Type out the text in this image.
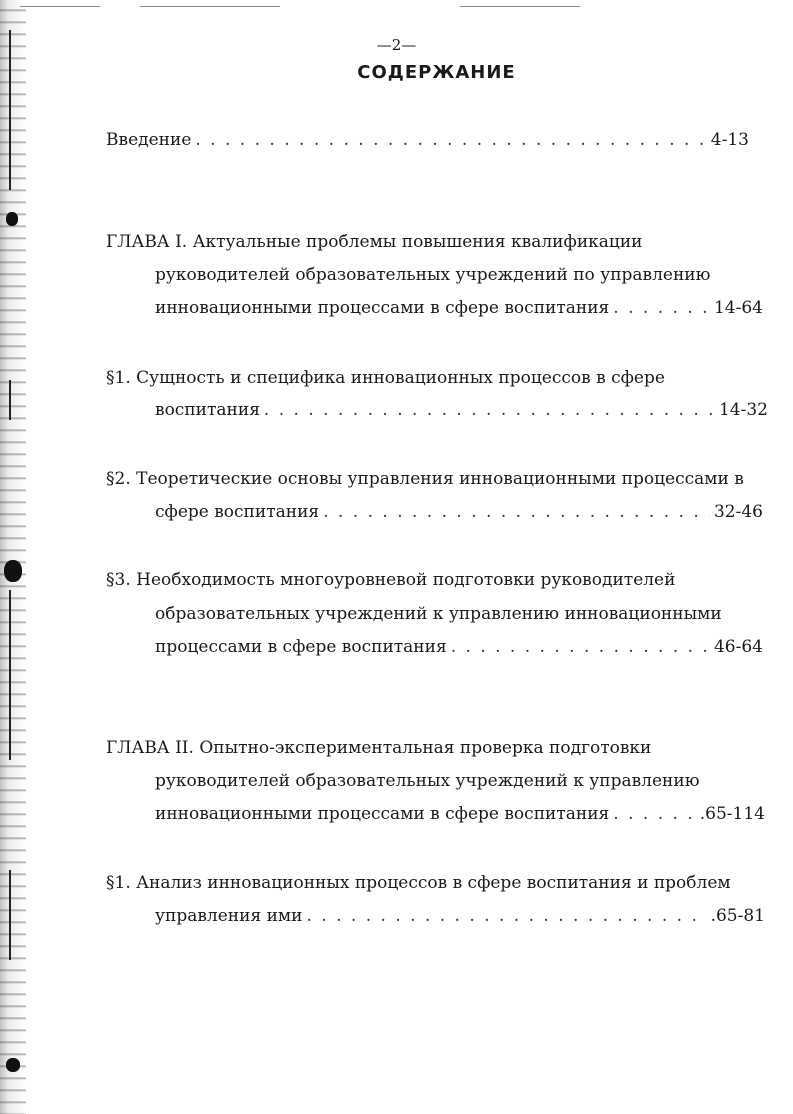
—2—
СОДЕРЖАНИЕ
Введение . . .	4-13
ГЛАВА I. Актуальные проблемы повышения квалификации
руководителей образовательных учреждений по управлению
инновационными процессами в сфере воспитания . . .	14-64
§1. Сущность и специфика инновационных процессов в сфере
воспитания . . .	14-32
§2. Теоретические основы управления инновационными процессами в
сфере воспитания . . .	32-46
§3. Необходимость многоуровневой подготовки руководителей
образовательных учреждений к управлению инновационными
процессами в сфере воспитания . . .	46-64
ГЛАВА II. Опытно-экспериментальная проверка подготовки
руководителей образовательных учреждений к управлению
инновационными процессами в сфере воспитания . . .	.65-114
§1. Анализ инновационных процессов в сфере воспитания и проблем
управления ими . . .	.65-81
